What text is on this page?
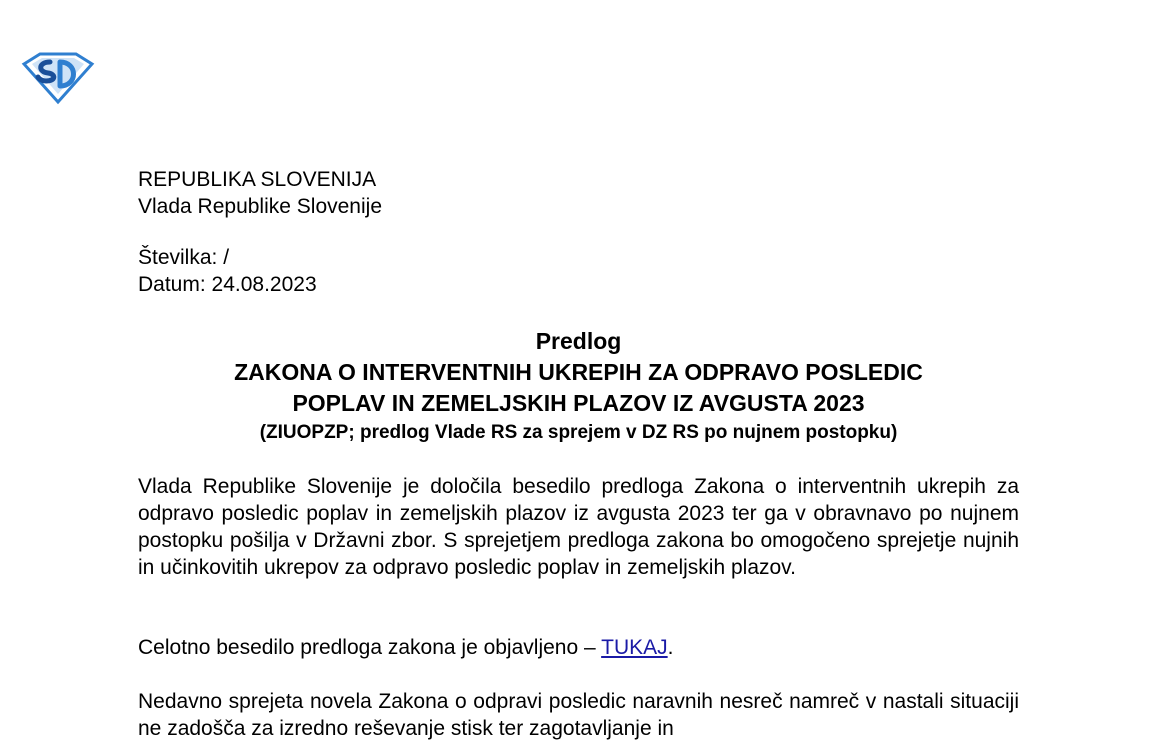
REPUBLIKA SLOVENIJA

Vlada Republike Slovenije

Številka: /

Datum: 24.08.2023

Predlog
ZAKONA O INTERVENTNIH UKREPIH ZA ODPRAVO POSLEDIC
POPLAV IN ZEMELJSKIH PLAZOV IZ AVGUSTA 2023
(ZIUOPZP; predlog Vlade RS za sprejem v DZ RS po nujnem postopku)

Vlada Republike Slovenije je določila besedilo predloga Zakona o interventnih ukrepih za odpravo posledic poplav in zemeljskih plazov iz avgusta 2023 ter ga v obravnavo po nujnem postopku pošilja v Državni zbor. S sprejetjem predloga zakona bo omogočeno sprejetje nujnih in učinkovitih ukrepov za odpravo posledic poplav in zemeljskih plazov.

Celotno besedilo predloga zakona je objavljeno – TUKAJ.

Nedavno sprejeta novela Zakona o odpravi posledic naravnih nesreč namreč v nastali situaciji ne zadošča za izredno reševanje stisk ter zagotavljanje in
